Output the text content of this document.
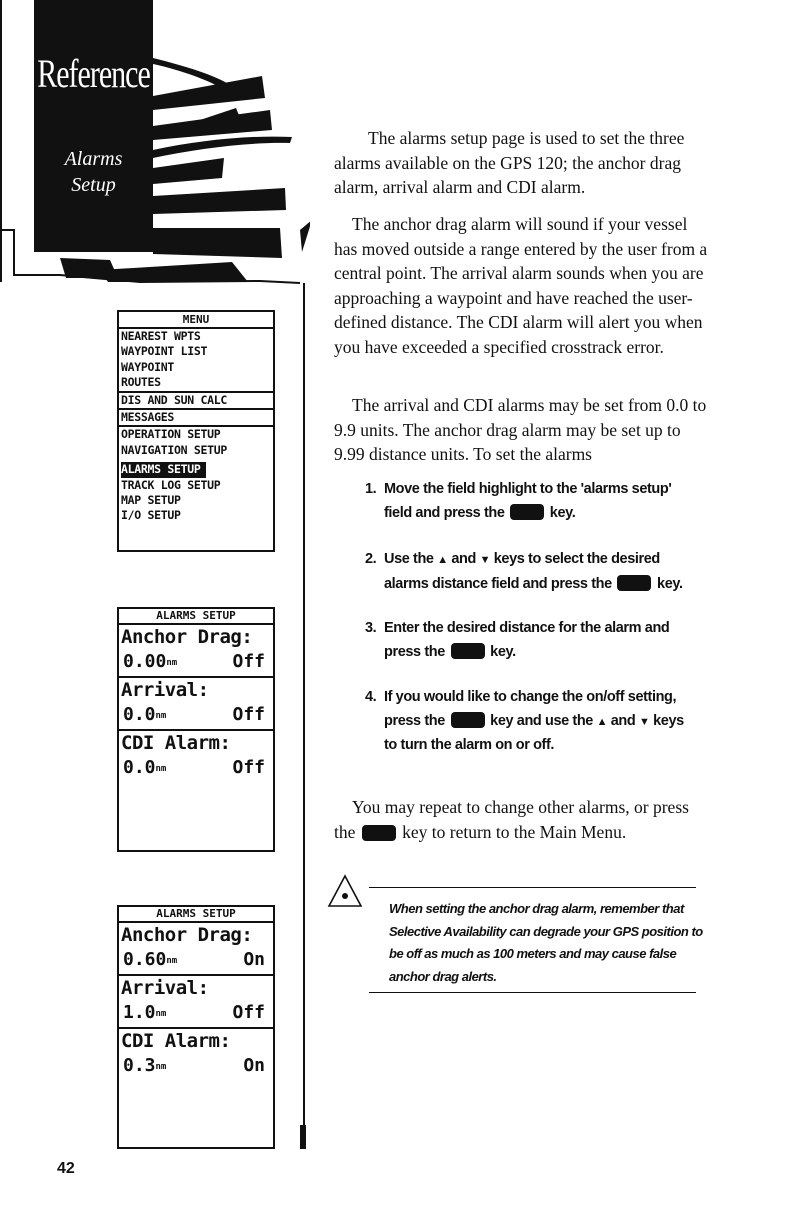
Reference
Alarms
Setup
MENU
NEAREST WPTS
WAYPOINT LIST
WAYPOINT
ROUTES
DIS AND SUN CALC
MESSAGES
OPERATION SETUP
NAVIGATION SETUP
ALARMS SETUP
TRACK LOG SETUP
MAP SETUP
I/O SETUP
ALARMS SETUP
Anchor Drag:
0.00nm	Off
Arrival:
0.0nm	Off
CDI Alarm:
0.0nm	Off
ALARMS SETUP
Anchor Drag:
0.60nm	On
Arrival:
1.0nm	Off
CDI Alarm:
0.3nm	On

The alarms setup page is used to set the three alarms available on the GPS 120; the anchor drag alarm, arrival alarm and CDI alarm.

The anchor drag alarm will sound if your vessel has moved outside a range entered by the user from a central point. The arrival alarm sounds when you are approaching a waypoint and have reached the user-defined distance. The CDI alarm will alert you when you have exceeded a specified crosstrack error.

The arrival and CDI alarms may be set from 0.0 to 9.9 units. The anchor drag alarm may be set up to 9.99 distance units. To set the alarms

1. Move the field highlight to the 'alarms setup'
field and press the	key.
2. Use the ▲ and ▼ keys to select the desired
alarms distance field and press the	key.
3. Enter the desired distance for the alarm and
press the	key.
4. If you would like to change the on/off setting,
press the	key and use the ▲ and ▼ keys
to turn the alarm on or off.

You may repeat to change other alarms, or press
the	key to return to the Main Menu.

When setting the anchor drag alarm, remember that Selective Availability can degrade your GPS position to be off as much as 100 meters and may cause false anchor drag alerts.

42
